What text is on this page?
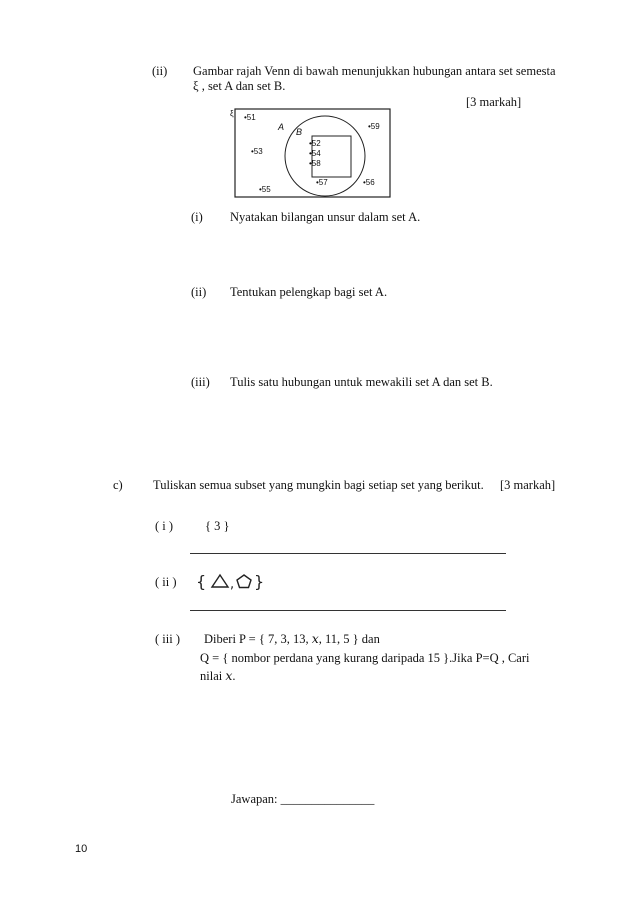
(ii) Gambar rajah Venn di bawah menunjukkan hubungan antara set semesta
ξ , set A dan set B.
[3 markah]
ξ
A B
•51
•53
•55
•59
•56
•57
•52
•54
•58
(i) Nyatakan bilangan unsur dalam set A.
(ii) Tentukan pelengkap bagi set A.
(iii) Tulis satu hubungan untuk mewakili set A dan set B.
c) Tuliskan semua subset yang mungkin bagi setiap set yang berikut. [3 markah]
( i )	{ 3 }
( ii ) { , }
( iii ) Diberi P = { 7, 3, 13, 𝑥, 11, 5 } dan
Q = { nombor perdana yang kurang daripada 15 }.Jika P=Q , Cari
nilai 𝑥.
Jawapan: _______________
10
